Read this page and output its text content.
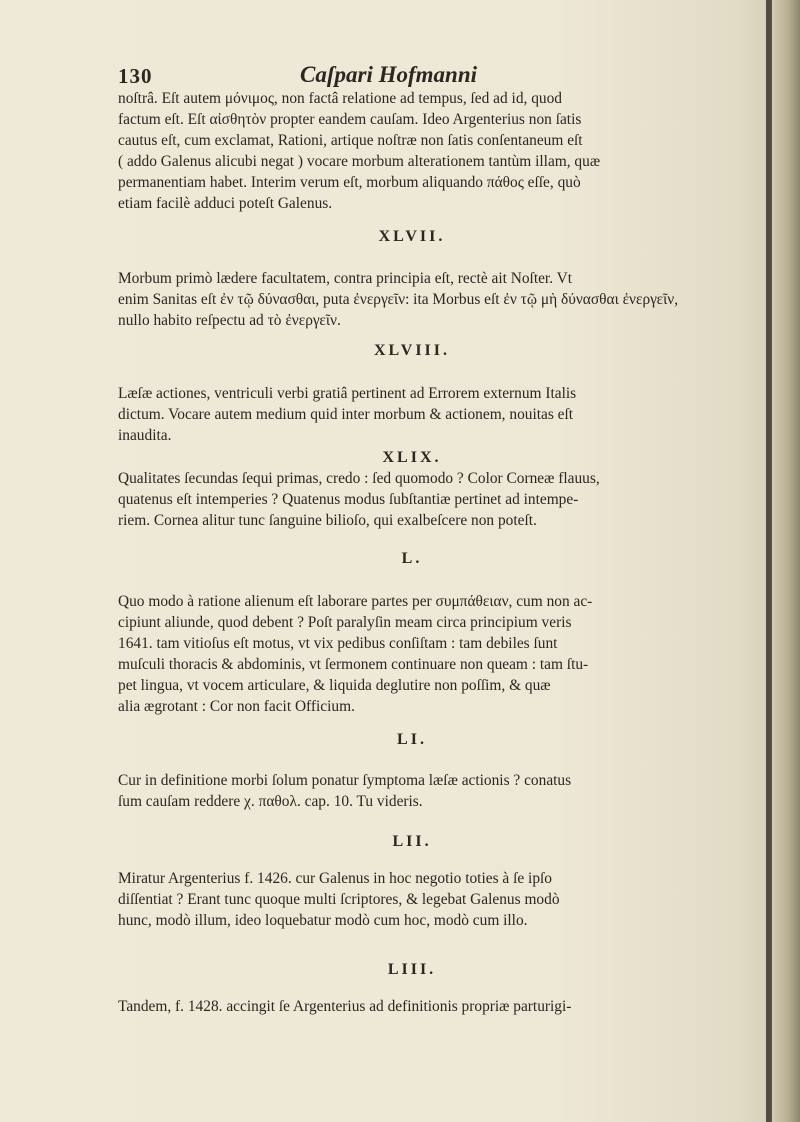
130	Caſpari Hofmanni
noſtrâ. Eſt autem μόνιμος, non factâ relatione ad tempus, ſed ad id, quod
factum eſt. Eſt αἰσθητὸν propter eandem cauſam. Ideo Argenterius non ſatis
cautus eſt, cum exclamat, Rationi, artique noſtræ non ſatis conſentaneum eſt
( addo Galenus alicubi negat ) vocare morbum alterationem tantùm illam, quæ
permanentiam habet. Interim verum eſt, morbum aliquando πάθος eſſe, quò
etiam facilè adduci poteſt Galenus.
XLVII.
Morbum primò lædere facultatem, contra principia eſt, rectè ait Noſter. Vt
enim Sanitas eſt ἐν τῷ δύνασθαι, puta ἐνεργεῖν: ita Morbus eſt ἐν τῷ μὴ δύνασθαι ἐνεργεῖν,
nullo habito reſpectu ad τὸ ἐνεργεῖν.
XLVIII.
Læſæ actiones, ventriculi verbi gratiâ pertinent ad Errorem externum Italis
dictum. Vocare autem medium quid inter morbum & actionem, nouitas eſt
inaudita.
XLIX.
Qualitates ſecundas ſequi primas, credo : ſed quomodo ? Color Corneæ flauus,
quatenus eſt intemperies ? Quatenus modus ſubſtantiæ pertinet ad intempe-
riem. Cornea alitur tunc ſanguine bilioſo, qui exalbeſcere non poteſt.
L.
Quo modo à ratione alienum eſt laborare partes per συμπάθειαν, cum non ac-
cipiunt aliunde, quod debent ? Poſt paralyſin meam circa principium veris
1641. tam vitioſus eſt motus, vt vix pedibus conſiſtam : tam debiles ſunt
muſculi thoracis & abdominis, vt ſermonem continuare non queam : tam ſtu-
pet lingua, vt vocem articulare, & liquida deglutire non poſſim, & quæ
alia ægrotant : Cor non facit Officium.
LI.
Cur in definitione morbi ſolum ponatur ſymptoma læſæ actionis ? conatus
ſum cauſam reddere χ. παθολ. cap. 10. Tu videris.
LII.
Miratur Argenterius f. 1426. cur Galenus in hoc negotio toties à ſe ipſo
diſſentiat ? Erant tunc quoque multi ſcriptores, & legebat Galenus modò
hunc, modò illum, ideo loquebatur modò cum hoc, modò cum illo.
LIII.
Tandem, f. 1428. accingit ſe Argenterius ad definitionis propriæ parturigi-
